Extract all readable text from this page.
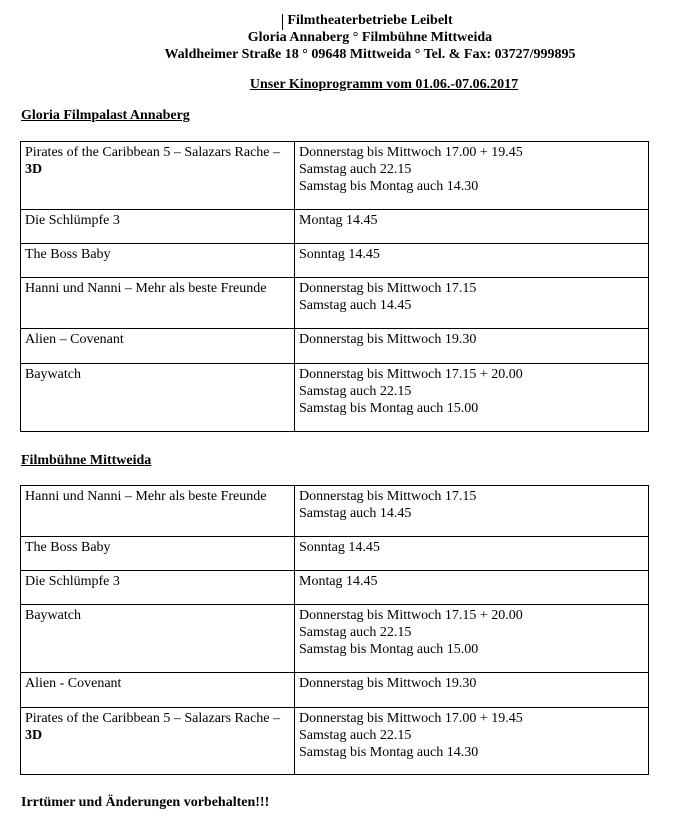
Filmtheaterbetriebe Leibelt
Gloria Annaberg ° Filmbühne Mittweida
Waldheimer Straße 18 ° 09648 Mittweida ° Tel. & Fax: 03727/999895
Unser Kinoprogramm vom 01.06.-07.06.2017
Gloria Filmpalast Annaberg
Pirates of the Caribbean 5 – Salazars Rache – 3D	Donnerstag bis Mittwoch 17.00 + 19.45
Samstag auch 22.15
Samstag bis Montag auch 14.30

Die Schlümpfe 3	Montag 14.45

The Boss Baby	Sonntag 14.45

Hanni und Nanni – Mehr als beste Freunde	Donnerstag bis Mittwoch 17.15
Samstag auch 14.45

Alien – Covenant	Donnerstag bis Mittwoch 19.30

Baywatch	Donnerstag bis Mittwoch 17.15 + 20.00
Samstag auch 22.15
Samstag bis Montag auch 15.00
Filmbühne Mittweida
Hanni und Nanni – Mehr als beste Freunde	Donnerstag bis Mittwoch 17.15
Samstag auch 14.45

The Boss Baby	Sonntag 14.45

Die Schlümpfe 3	Montag 14.45

Baywatch	Donnerstag bis Mittwoch 17.15 + 20.00
Samstag auch 22.15
Samstag bis Montag auch 15.00

Alien - Covenant	Donnerstag bis Mittwoch 19.30

Pirates of the Caribbean 5 – Salazars Rache – 3D	Donnerstag bis Mittwoch 17.00 + 19.45
Samstag auch 22.15
Samstag bis Montag auch 14.30
Irrtümer und Änderungen vorbehalten!!!
